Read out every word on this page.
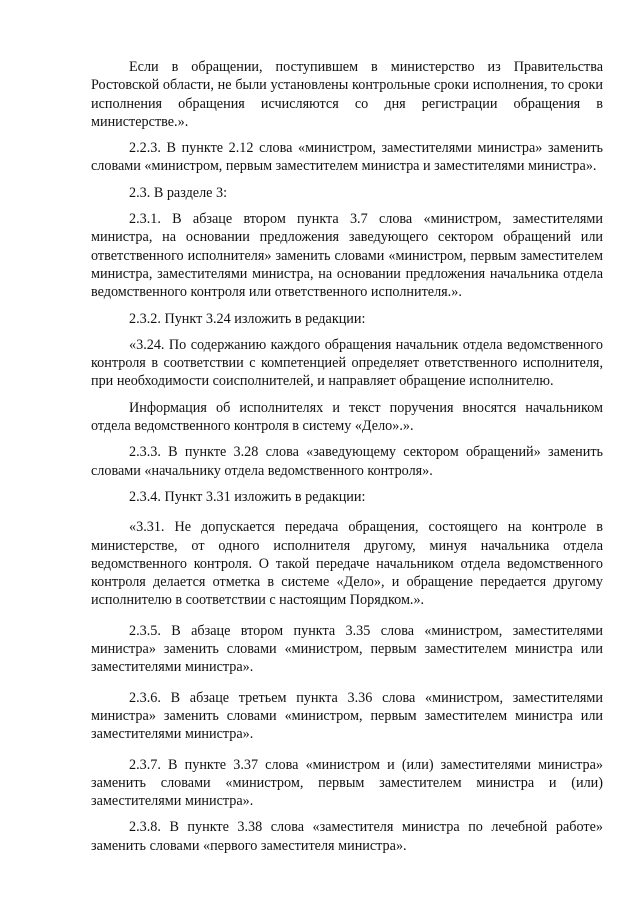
Если в обращении, поступившем в министерство из Правительства Ростовской области, не были установлены контрольные сроки исполнения, то сроки исполнения обращения исчисляются со дня регистрации обращения в министерстве.».

2.2.3. В пункте 2.12 слова «министром, заместителями министра» заменить словами «министром, первым заместителем министра и заместителями министра».

2.3. В разделе 3:

2.3.1. В абзаце втором пункта 3.7 слова «министром, заместителями министра, на основании предложения заведующего сектором обращений или ответственного исполнителя» заменить словами «министром, первым заместителем министра, заместителями министра, на основании предложения начальника отдела ведомственного контроля или ответственного исполнителя.».

2.3.2. Пункт 3.24 изложить в редакции:

«3.24. По содержанию каждого обращения начальник отдела ведомственного контроля в соответствии с компетенцией определяет ответственного исполнителя, при необходимости соисполнителей, и направляет обращение исполнителю.

Информация об исполнителях и текст поручения вносятся начальником отдела ведомственного контроля в систему «Дело».».

2.3.3. В пункте 3.28 слова «заведующему сектором обращений» заменить словами «начальнику отдела ведомственного контроля».

2.3.4. Пункт 3.31 изложить в редакции:

«3.31. Не допускается передача обращения, состоящего на контроле в министерстве, от одного исполнителя другому, минуя начальника отдела ведомственного контроля. О такой передаче начальником отдела ведомственного контроля делается отметка в системе «Дело», и обращение передается другому исполнителю в соответствии с настоящим Порядком.».

2.3.5. В абзаце втором пункта 3.35 слова «министром, заместителями министра» заменить словами «министром, первым заместителем министра или заместителями министра».

2.3.6. В абзаце третьем пункта 3.36 слова «министром, заместителями министра» заменить словами «министром, первым заместителем министра или заместителями министра».

2.3.7. В пункте 3.37 слова «министром и (или) заместителями министра» заменить словами «министром, первым заместителем министра и (или) заместителями министра».

2.3.8. В пункте 3.38 слова «заместителя министра по лечебной работе» заменить словами «первого заместителя министра».
